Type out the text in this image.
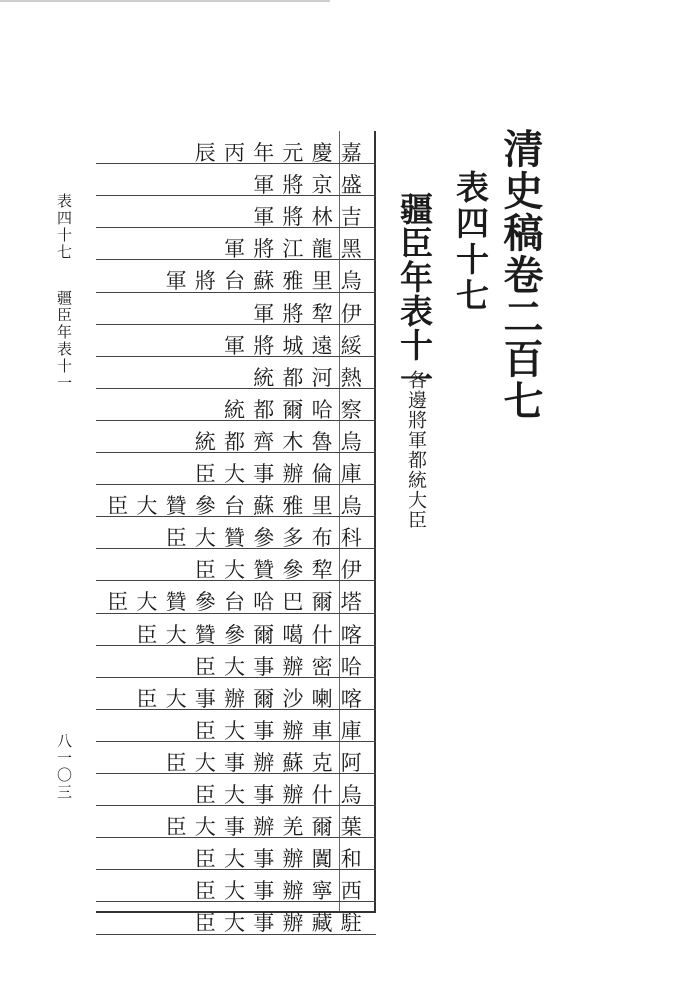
清史稿卷二百七
表四十七
疆臣年表十一
各邊將軍都統大臣
表四十七
疆臣年表十一
八一〇三
嘉慶元年丙辰
盛京將軍
吉林將軍
黑龍江將軍
烏里雅蘇台將軍
伊犂將軍
綏遠城將軍
熱河都統
察哈爾都統
烏魯木齊都統
庫倫辦事大臣
烏里雅蘇台參贊大臣
科布多參贊大臣
伊犂參贊大臣
塔爾巴哈台參贊大臣
喀什噶爾參贊大臣
哈密辦事大臣
喀喇沙爾辦事大臣
庫車辦事大臣
阿克蘇辦事大臣
烏什辦事大臣
葉爾羌辦事大臣
和闐辦事大臣
西寧辦事大臣
駐藏辦事大臣
